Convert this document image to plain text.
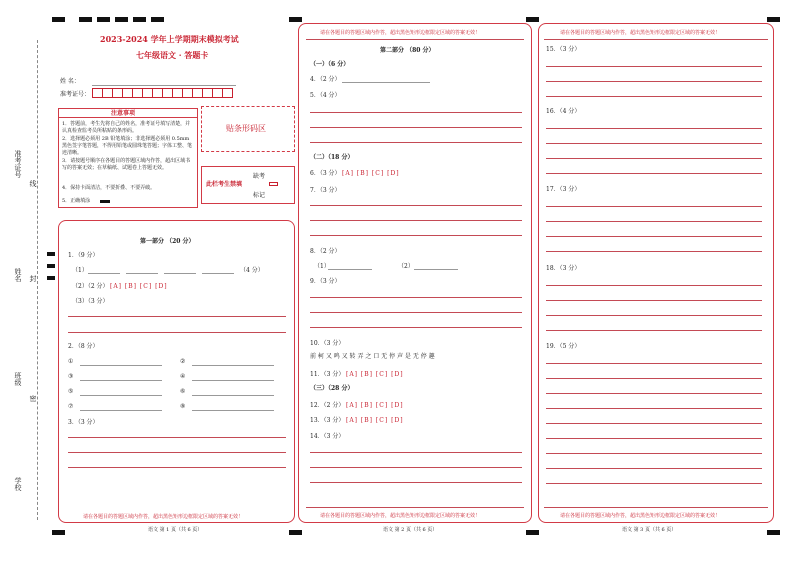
准考证号
线
姓名 封
班级
密
学校
2023-2024 学年上学期期末模拟考试
七年级语文 · 答题卡
姓 名：
准考证号：
注意事项
1．答题前，考生先将自己的姓名，准考证号填写清楚，并认真检查监考员所粘贴的条形码。
2．选择题必须用 2B 铅笔填涂；非选择题必须用 0.5mm 黑色签字笔答题，不得用铅笔或圆珠笔答题；字体工整、笔迹清晰。
3．请按题号顺序在各题目的答题区域内作答，超出区域书写的答案无效；在草稿纸、试题卷上答题无效。
4．保持卡面清洁，不要折叠、不要弄破。
5．正确填涂
贴条形码区
此栏考生禁填
缺考
标记
第一部分 （20 分）
1．（9 分）
（1）	（4 分）
（2）（2 分） [A] [B] [C] [D]
（3）（3 分）
2．（8 分）
①	②
③	④
⑤	⑥
⑦	⑧
3．（3 分）
请在各题目的答题区域内作答，超出黑色矩形边框限定区域的答案无效！
语文 第 1 页（共 6 页）
请在各题目的答题区域内作答，超出黑色矩形边框限定区域的答案无效！
第二部分 （80 分）
（一）（6 分）
4．（2 分）
5．（4 分）
（二）（18 分）
6．（3 分） [A] [B] [C] [D]
7．（3 分）
8．（2 分）
（1）	（2）
9．（3 分）
10．（3 分）
前 柯 又 鸣 又 转 弄 之 口 无 停 声 是 无 停 趣
11．（3 分） [A] [B] [C] [D]
（三）（28 分）
12．（2 分） [A] [B] [C] [D]
13．（3 分） [A] [B] [C] [D]
14．（3 分）
请在各题目的答题区域内作答，超出黑色矩形边框限定区域的答案无效！
语文 第 2 页（共 6 页）
请在各题目的答题区域内作答，超出黑色矩形边框限定区域的答案无效！
15．（3 分）
16．（4 分）
17．（3 分）
18．（3 分）
19．（5 分）
请在各题目的答题区域内作答，超出黑色矩形边框限定区域的答案无效！
语文 第 3 页（共 6 页）
